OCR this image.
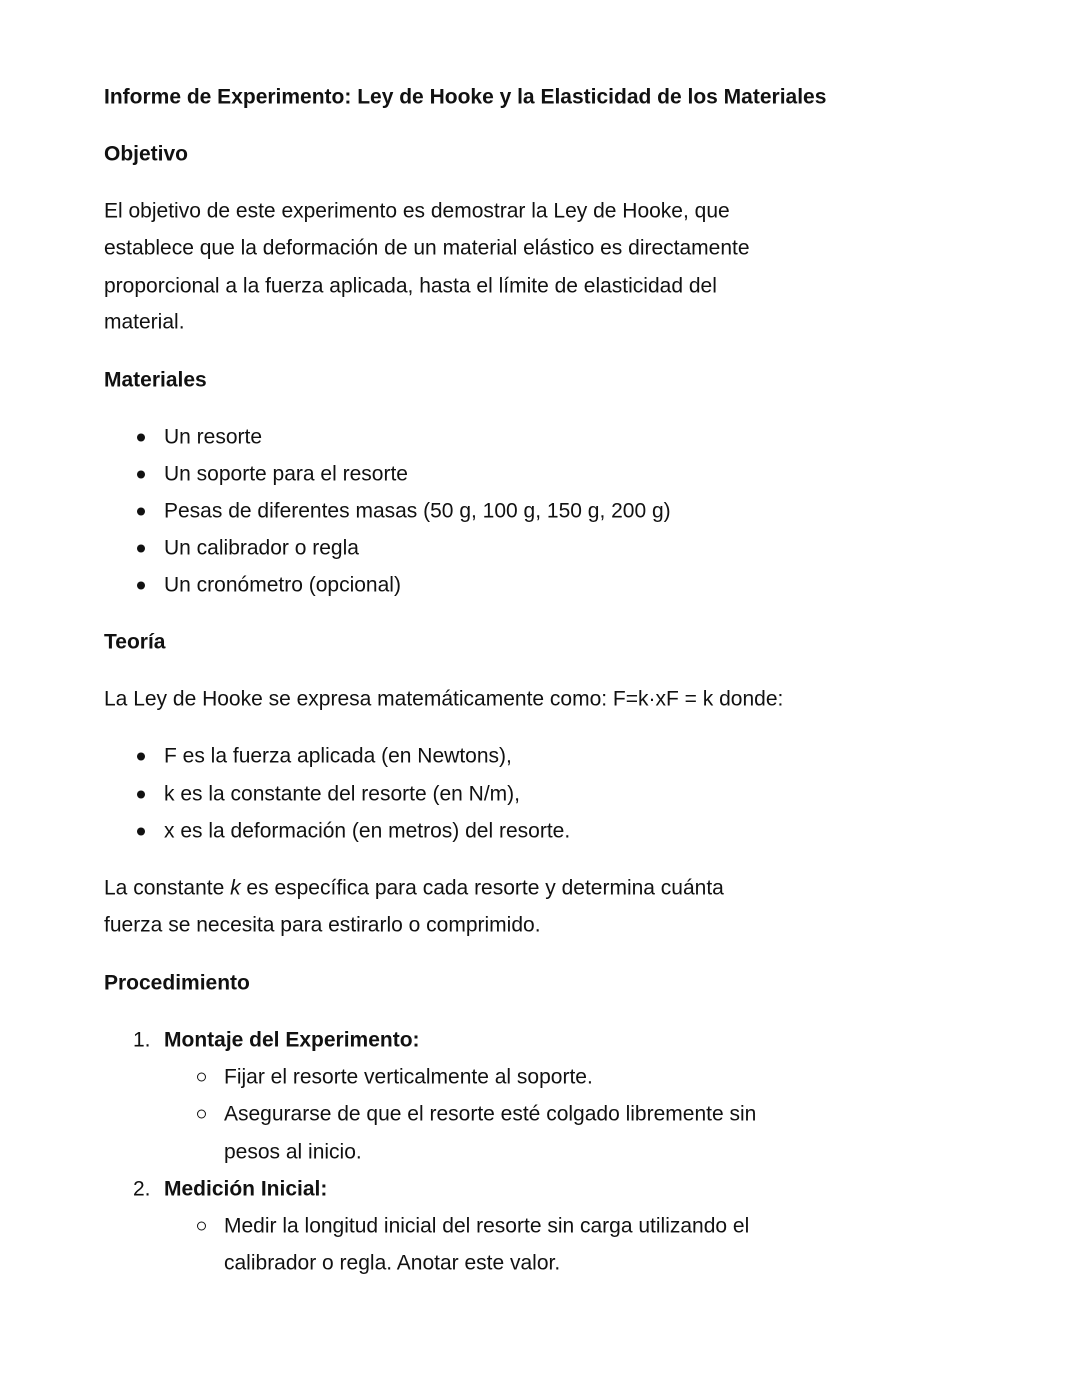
Informe de Experimento: Ley de Hooke y la Elasticidad de los Materiales
Objetivo
El objetivo de este experimento es demostrar la Ley de Hooke, que
establece que la deformación de un material elástico es directamente
proporcional a la fuerza aplicada, hasta el límite de elasticidad del
material.
Materiales
Un resorte
Un soporte para el resorte
Pesas de diferentes masas (50 g, 100 g, 150 g, 200 g)
Un calibrador o regla
Un cronómetro (opcional)
Teoría
La Ley de Hooke se expresa matemáticamente como: F=k·xF = k donde:
F es la fuerza aplicada (en Newtons),
k es la constante del resorte (en N/m),
x es la deformación (en metros) del resorte.
La constante k es específica para cada resorte y determina cuánta
fuerza se necesita para estirarlo o comprimido.
Procedimiento
1. Montaje del Experimento:
Fijar el resorte verticalmente al soporte.
Asegurarse de que el resorte esté colgado libremente sin
pesos al inicio.
2. Medición Inicial:
Medir la longitud inicial del resorte sin carga utilizando el
calibrador o regla. Anotar este valor.
